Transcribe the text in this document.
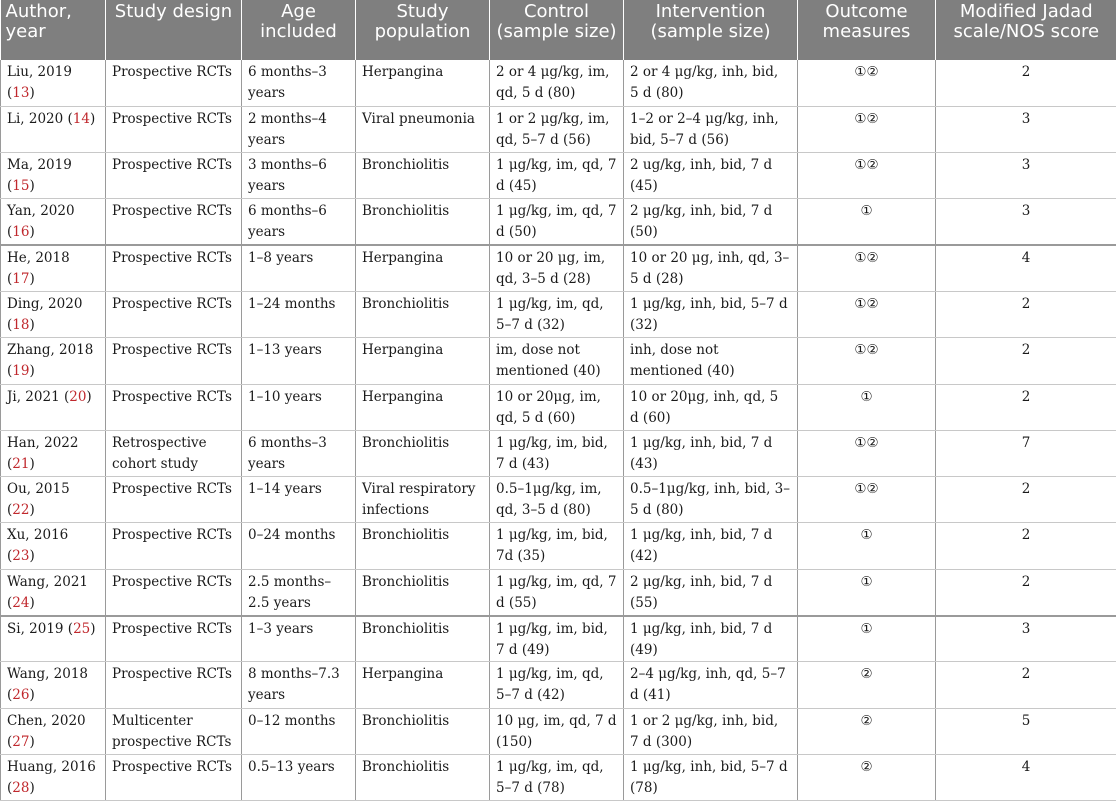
Author, year	Study design	Age included	Study population	Control (sample size)	Intervention (sample size)	Outcome measures	Modified Jadad scale/NOS score
Liu, 2019 (13)	Prospective RCTs	6 months–3 years	Herpangina	2 or 4 μg/kg, im, qd, 5 d (80)	2 or 4 μg/kg, inh, bid, 5 d (80)	①②	2
Li, 2020 (14)	Prospective RCTs	2 months–4 years	Viral pneumonia	1 or 2 μg/kg, im, qd, 5–7 d (56)	1–2 or 2–4 μg/kg, inh, bid, 5–7 d (56)	①②	3
Ma, 2019 (15)	Prospective RCTs	3 months–6 years	Bronchiolitis	1 μg/kg, im, qd, 7 d (45)	2 ug/kg, inh, bid, 7 d (45)	①②	3
Yan, 2020 (16)	Prospective RCTs	6 months–6 years	Bronchiolitis	1 μg/kg, im, qd, 7 d (50)	2 μg/kg, inh, bid, 7 d (50)	①	3
He, 2018 (17)	Prospective RCTs	1–8 years	Herpangina	10 or 20 μg, im, qd, 3–5 d (28)	10 or 20 μg, inh, qd, 3–5 d (28)	①②	4
Ding, 2020 (18)	Prospective RCTs	1–24 months	Bronchiolitis	1 μg/kg, im, qd, 5–7 d (32)	1 μg/kg, inh, bid, 5–7 d (32)	①②	2
Zhang, 2018 (19)	Prospective RCTs	1–13 years	Herpangina	im, dose not mentioned (40)	inh, dose not mentioned (40)	①②	2
Ji, 2021 (20)	Prospective RCTs	1–10 years	Herpangina	10 or 20μg, im, qd, 5 d (60)	10 or 20μg, inh, qd, 5 d (60)	①	2
Han, 2022 (21)	Retrospective cohort study	6 months–3 years	Bronchiolitis	1 μg/kg, im, bid, 7 d (43)	1 μg/kg, inh, bid, 7 d (43)	①②	7
Ou, 2015 (22)	Prospective RCTs	1–14 years	Viral respiratory infections	0.5–1μg/kg, im, qd, 3–5 d (80)	0.5–1μg/kg, inh, bid, 3–5 d (80)	①②	2
Xu, 2016 (23)	Prospective RCTs	0–24 months	Bronchiolitis	1 μg/kg, im, bid, 7d (35)	1 μg/kg, inh, bid, 7 d (42)	①	2
Wang, 2021 (24)	Prospective RCTs	2.5 months–2.5 years	Bronchiolitis	1 μg/kg, im, qd, 7 d (55)	2 μg/kg, inh, bid, 7 d (55)	①	2
Si, 2019 (25)	Prospective RCTs	1–3 years	Bronchiolitis	1 μg/kg, im, bid, 7 d (49)	1 μg/kg, inh, bid, 7 d (49)	①	3
Wang, 2018 (26)	Prospective RCTs	8 months–7.3 years	Herpangina	1 μg/kg, im, qd, 5–7 d (42)	2–4 μg/kg, inh, qd, 5–7 d (41)	②	2
Chen, 2020 (27)	Multicenter prospective RCTs	0–12 months	Bronchiolitis	10 μg, im, qd, 7 d (150)	1 or 2 μg/kg, inh, bid, 7 d (300)	②	5
Huang, 2016 (28)	Prospective RCTs	0.5–13 years	Bronchiolitis	1 μg/kg, im, qd, 5–7 d (78)	1 μg/kg, inh, bid, 5–7 d (78)	②	4
